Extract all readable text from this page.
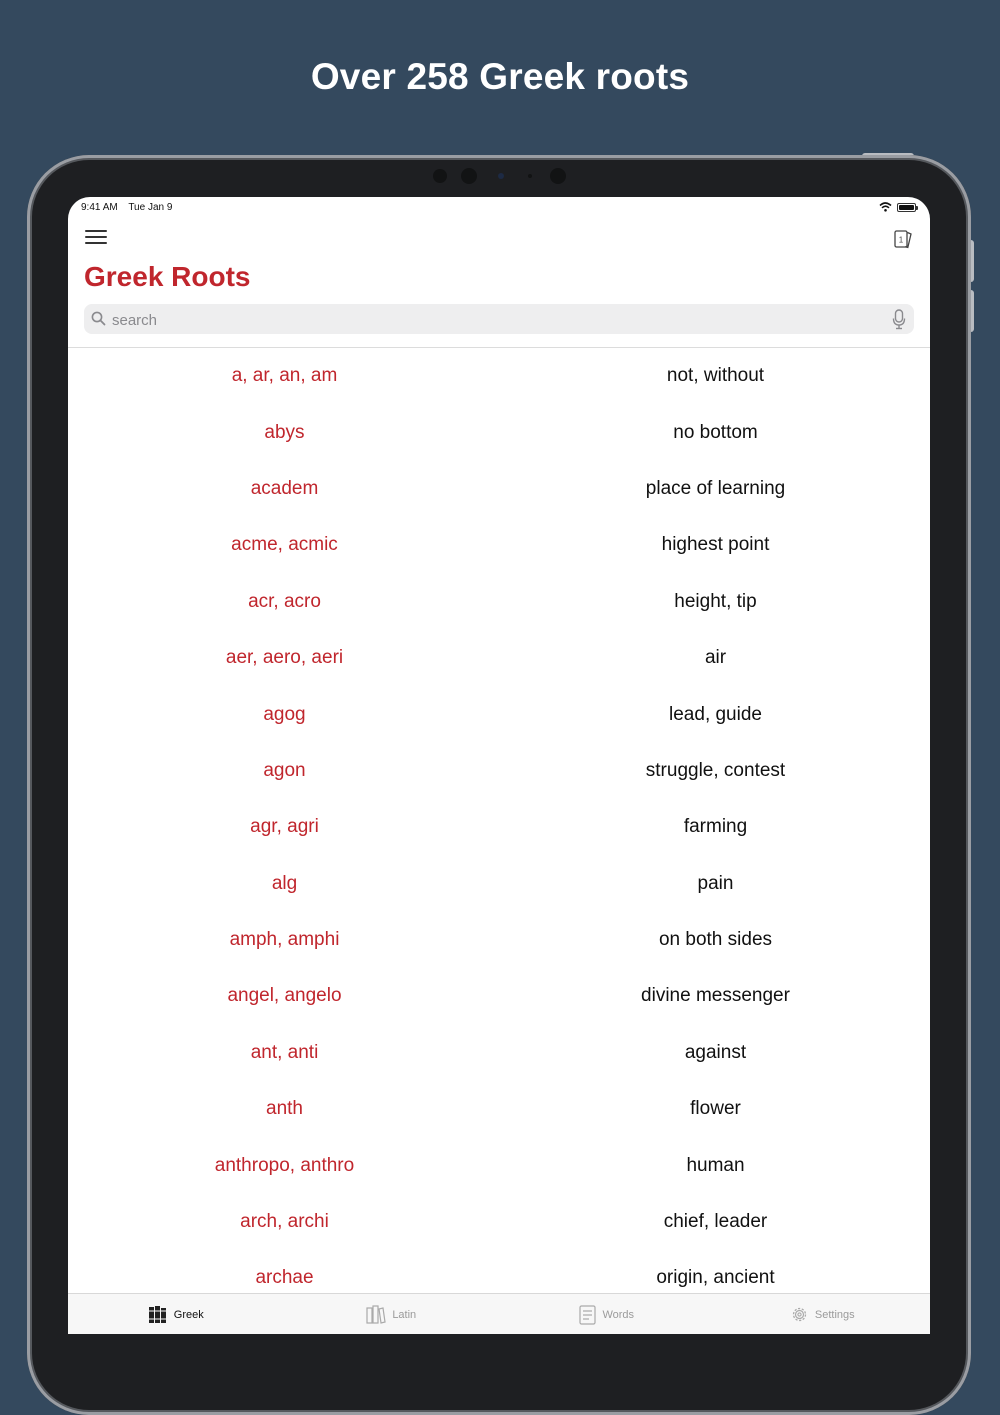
Over 258 Greek roots
9:41 AM Tue Jan 9
1
Greek Roots
search
a, ar, an, am	not, without
abys	no bottom
academ	place of learning
acme, acmic	highest point
acr, acro	height, tip
aer, aero, aeri	air
agog	lead, guide
agon	struggle, contest
agr, agri	farming
alg	pain
amph, amphi	on both sides
angel, angelo	divine messenger
ant, anti	against
anth	flower
anthropo, anthro	human
arch, archi	chief, leader
archae	origin, ancient
Greek	Latin	Words	Settings
